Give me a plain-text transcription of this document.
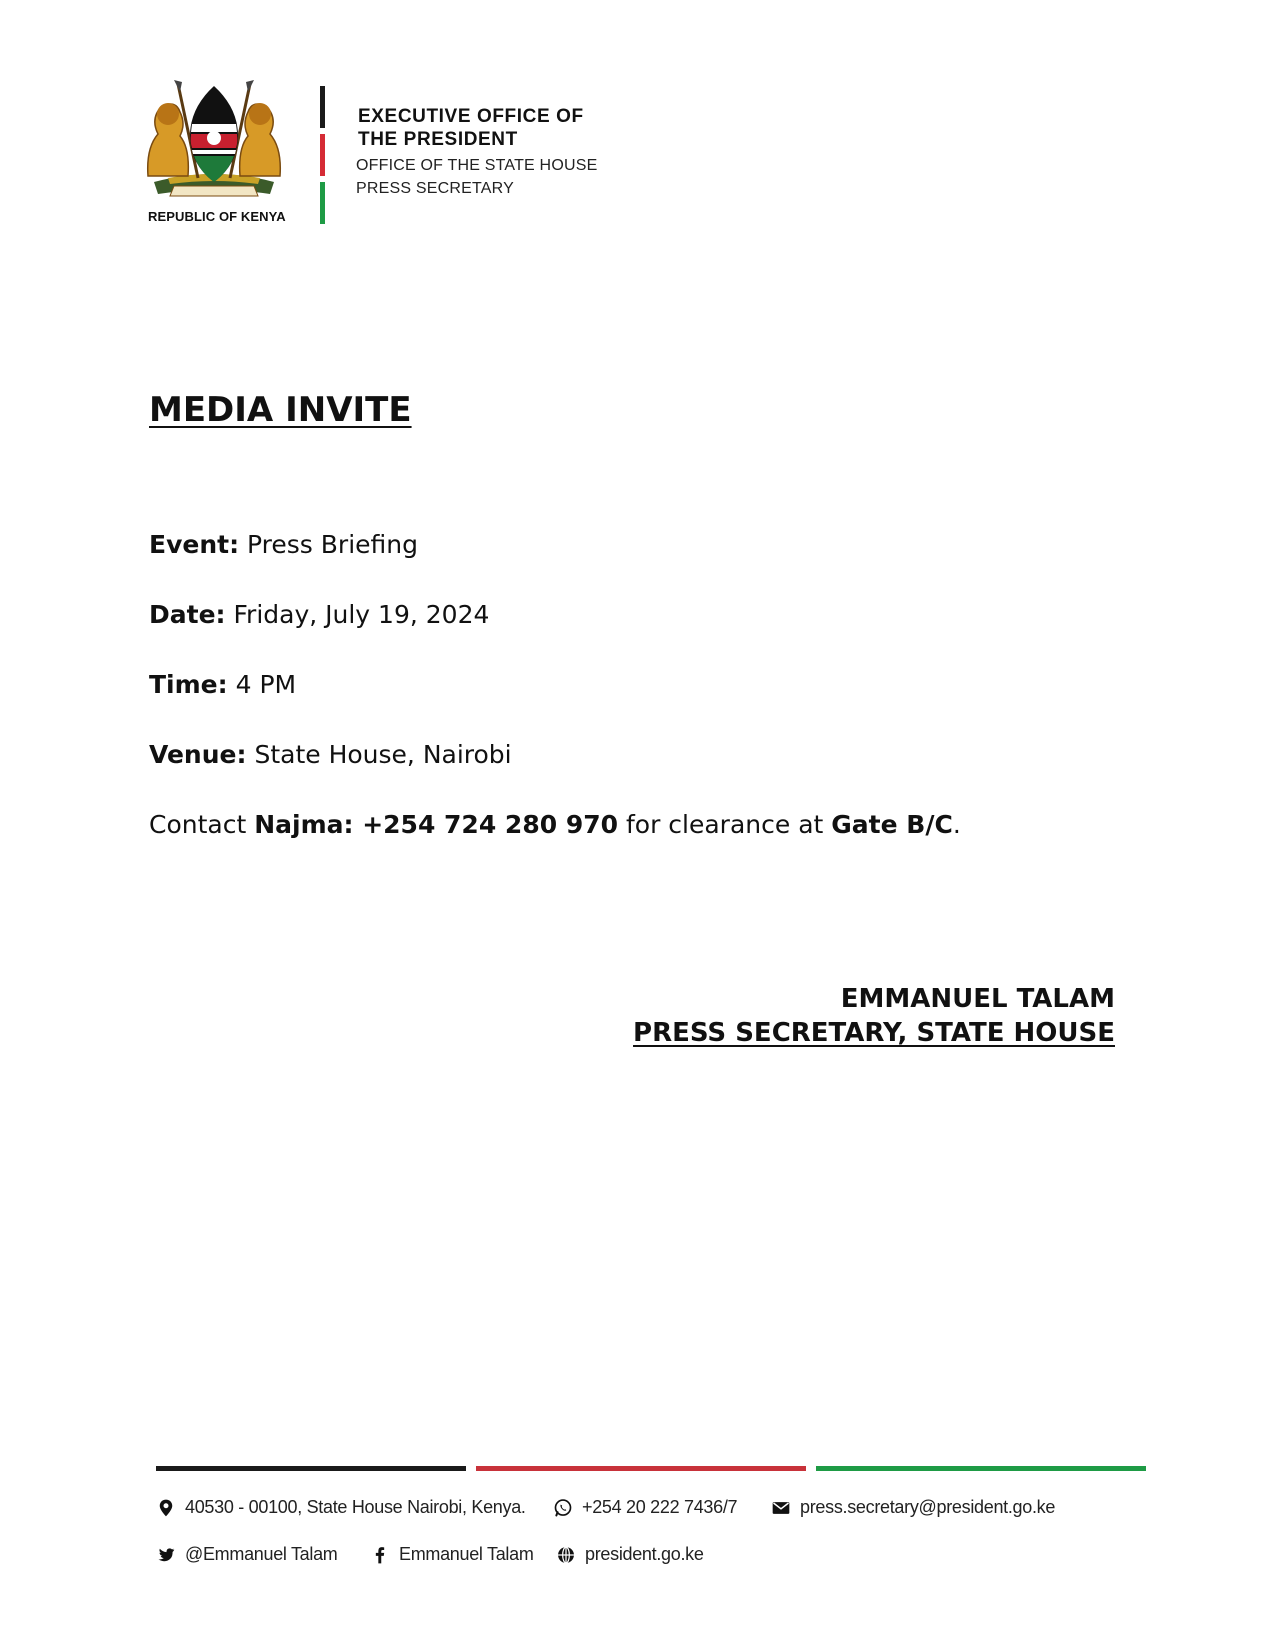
REPUBLIC OF KENYA
EXECUTIVE OFFICE OF
THE PRESIDENT
OFFICE OF THE STATE HOUSE
PRESS SECRETARY
MEDIA INVITE
Event: Press Briefing
Date: Friday, July 19, 2024
Time: 4 PM
Venue: State House, Nairobi
Contact Najma: +254 724 280 970 for clearance at Gate B/C.
EMMANUEL TALAM
PRESS SECRETARY, STATE HOUSE
40530 - 00100, State House Nairobi, Kenya.	+254 20 222 7436/7	press.secretary@president.go.ke
@Emmanuel Talam	Emmanuel Talam	president.go.ke
